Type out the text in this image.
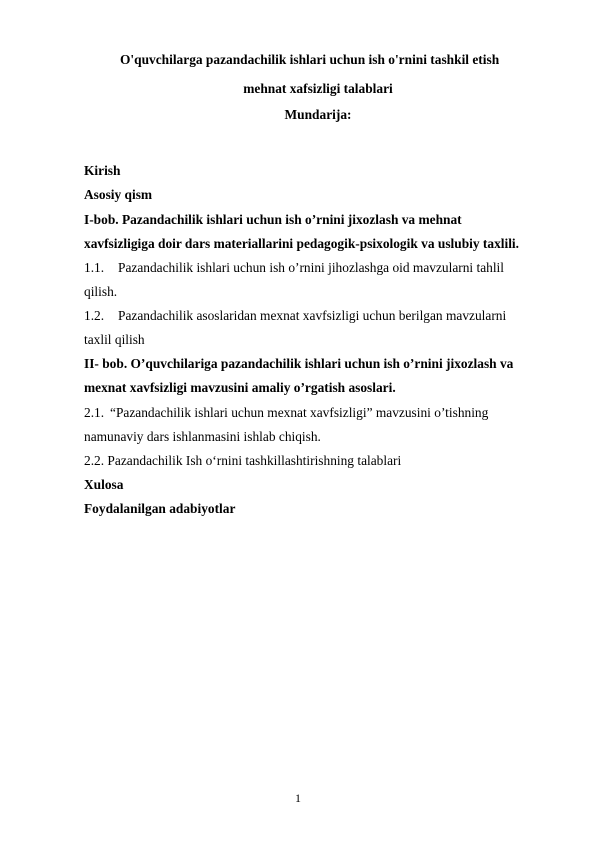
O'quvchilarga pazandachilik ishlari uchun ish o'rnini tashkil etish
mehnat xafsizligi talablari
Mundarija:
Kirish
Asosiy qism
I-bob. Pazandachilik ishlari uchun ish o’rnini jixozlash va mehnat
xavfsizligiga doir dars materiallarini pedagogik-psixologik va uslubiy taxlili.
1.1. Pazandachilik ishlari uchun ish o’rnini jihozlashga oid mavzularni tahlil
qilish.
1.2. Pazandachilik asoslaridan mexnat xavfsizligi uchun berilgan mavzularni
taxlil qilish
II- bob. O’quvchilariga pazandachilik ishlari uchun ish o’rnini jixozlash va
mexnat xavfsizligi mavzusini amaliy o’rgatish asoslari.
2.1. “Pazandachilik ishlari uchun mexnat xavfsizligi” mavzusini o’tishning
namunaviy dars ishlanmasini ishlab chiqish.
2.2. Pazandachilik Ish o‘rnini tashkillashtirishning talablari
Xulosa
Foydalanilgan adabiyotlar
1
